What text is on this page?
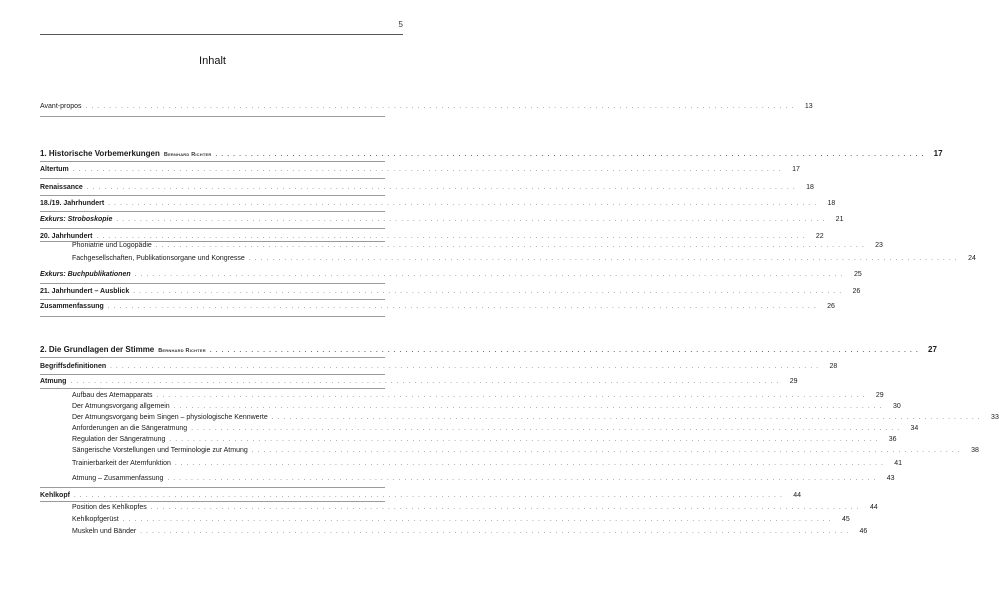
5
Inhalt
Avant-propos . . . . . . . . . . . . . . . . . . . . . . . . . . . . . . . . . . . . . . . . . . . . . . . . . . . . . . . . . . . . . . . . . . . . . . . . . . . . . . . . . . . . . . . . . . . . . . . . . . . . . . . . . . . . . . . . . . . . . . . .	13
1. Historische Vorbemerkungen Bernhard Richter . . . . . . . . . . . . . . . . . . . . . . . . . . . . . . . . . . . . . . . . . . . . . . . . . . . . . . . . . . . . . . . . . . . . . . . . . . . . . . . . . . . . . . . . . . . . . . . . . . . . . . . . . . . . . . . . . . . . . . . .	17
Altertum . . . . . . . . . . . . . . . . . . . . . . . . . . . . . . . . . . . . . . . . . . . . . . . . . . . . . . . . . . . . . . . . . . . . . . . . . . . . . . . . . . . . . . . . . . . . . . . . . . . . . . . . . . . . . . . . . . . . . . . .	17
Renaissance . . . . . . . . . . . . . . . . . . . . . . . . . . . . . . . . . . . . . . . . . . . . . . . . . . . . . . . . . . . . . . . . . . . . . . . . . . . . . . . . . . . . . . . . . . . . . . . . . . . . . . . . . . . . . . . . . . . . . . . .	18
18./19. Jahrhundert . . . . . . . . . . . . . . . . . . . . . . . . . . . . . . . . . . . . . . . . . . . . . . . . . . . . . . . . . . . . . . . . . . . . . . . . . . . . . . . . . . . . . . . . . . . . . . . . . . . . . . . . . . . . . . . . . . . . . . . .	18
Exkurs: Stroboskopie . . . . . . . . . . . . . . . . . . . . . . . . . . . . . . . . . . . . . . . . . . . . . . . . . . . . . . . . . . . . . . . . . . . . . . . . . . . . . . . . . . . . . . . . . . . . . . . . . . . . . . . . . . . . . . . . . . . . . . . .	21
20. Jahrhundert . . . . . . . . . . . . . . . . . . . . . . . . . . . . . . . . . . . . . . . . . . . . . . . . . . . . . . . . . . . . . . . . . . . . . . . . . . . . . . . . . . . . . . . . . . . . . . . . . . . . . . . . . . . . . . . . . . . . . . . .	22
Phoniatrie und Logopädie . . . . . . . . . . . . . . . . . . . . . . . . . . . . . . . . . . . . . . . . . . . . . . . . . . . . . . . . . . . . . . . . . . . . . . . . . . . . . . . . . . . . . . . . . . . . . . . . . . . . . . . . . . . . . . . . . . . . . . . .	23
Fachgesellschaften, Publikationsorgane und Kongresse . . . . . . . . . . . . . . . . . . . . . . . . . . . . . . . . . . . . . . . . . . . . . . . . . . . . . . . . . . . . . . . . . . . . . . . . . . . . . . . . . . . . . . . . . . . . . . . . . . . . . . . . . . . . . . . . . . . . . . . .	24
Exkurs: Buchpublikationen . . . . . . . . . . . . . . . . . . . . . . . . . . . . . . . . . . . . . . . . . . . . . . . . . . . . . . . . . . . . . . . . . . . . . . . . . . . . . . . . . . . . . . . . . . . . . . . . . . . . . . . . . . . . . . . . . . . . . . . .	25
21. Jahrhundert – Ausblick . . . . . . . . . . . . . . . . . . . . . . . . . . . . . . . . . . . . . . . . . . . . . . . . . . . . . . . . . . . . . . . . . . . . . . . . . . . . . . . . . . . . . . . . . . . . . . . . . . . . . . . . . . . . . . . . . . . . . . . .	26
Zusammenfassung . . . . . . . . . . . . . . . . . . . . . . . . . . . . . . . . . . . . . . . . . . . . . . . . . . . . . . . . . . . . . . . . . . . . . . . . . . . . . . . . . . . . . . . . . . . . . . . . . . . . . . . . . . . . . . . . . . . . . . . .	26
2. Die Grundlagen der Stimme Bernhard Richter . . . . . . . . . . . . . . . . . . . . . . . . . . . . . . . . . . . . . . . . . . . . . . . . . . . . . . . . . . . . . . . . . . . . . . . . . . . . . . . . . . . . . . . . . . . . . . . . . . . . . . . . . . . . . . . . . . . . . . . .	27
Begriffsdefinitionen . . . . . . . . . . . . . . . . . . . . . . . . . . . . . . . . . . . . . . . . . . . . . . . . . . . . . . . . . . . . . . . . . . . . . . . . . . . . . . . . . . . . . . . . . . . . . . . . . . . . . . . . . . . . . . . . . . . . . . . .	28
Atmung . . . . . . . . . . . . . . . . . . . . . . . . . . . . . . . . . . . . . . . . . . . . . . . . . . . . . . . . . . . . . . . . . . . . . . . . . . . . . . . . . . . . . . . . . . . . . . . . . . . . . . . . . . . . . . . . . . . . . . . .	29
Aufbau des Atemapparats . . . . . . . . . . . . . . . . . . . . . . . . . . . . . . . . . . . . . . . . . . . . . . . . . . . . . . . . . . . . . . . . . . . . . . . . . . . . . . . . . . . . . . . . . . . . . . . . . . . . . . . . . . . . . . . . . . . . . . . .	29
Der Atmungsvorgang allgemein . . . . . . . . . . . . . . . . . . . . . . . . . . . . . . . . . . . . . . . . . . . . . . . . . . . . . . . . . . . . . . . . . . . . . . . . . . . . . . . . . . . . . . . . . . . . . . . . . . . . . . . . . . . . . . . . . . . . . . . .	30
Der Atmungsvorgang beim Singen – physiologische Kennwerte . . . . . . . . . . . . . . . . . . . . . . . . . . . . . . . . . . . . . . . . . . . . . . . . . . . . . . . . . . . . . . . . . . . . . . . . . . . . . . . . . . . . . . . . . . . . . . . . . . . . . . . . . . . . . . . . . . . . . . . .	33
Anforderungen an die Sängeratmung . . . . . . . . . . . . . . . . . . . . . . . . . . . . . . . . . . . . . . . . . . . . . . . . . . . . . . . . . . . . . . . . . . . . . . . . . . . . . . . . . . . . . . . . . . . . . . . . . . . . . . . . . . . . . . . . . . . . . . . .	34
Regulation der Sängeratmung . . . . . . . . . . . . . . . . . . . . . . . . . . . . . . . . . . . . . . . . . . . . . . . . . . . . . . . . . . . . . . . . . . . . . . . . . . . . . . . . . . . . . . . . . . . . . . . . . . . . . . . . . . . . . . . . . . . . . . . .	36
Sängerische Vorstellungen und Terminologie zur Atmung . . . . . . . . . . . . . . . . . . . . . . . . . . . . . . . . . . . . . . . . . . . . . . . . . . . . . . . . . . . . . . . . . . . . . . . . . . . . . . . . . . . . . . . . . . . . . . . . . . . . . . . . . . . . . . . . . . . . . . . .	38
Trainierbarkeit der Atemfunktion . . . . . . . . . . . . . . . . . . . . . . . . . . . . . . . . . . . . . . . . . . . . . . . . . . . . . . . . . . . . . . . . . . . . . . . . . . . . . . . . . . . . . . . . . . . . . . . . . . . . . . . . . . . . . . . . . . . . . . . .	41
Atmung – Zusammenfassung . . . . . . . . . . . . . . . . . . . . . . . . . . . . . . . . . . . . . . . . . . . . . . . . . . . . . . . . . . . . . . . . . . . . . . . . . . . . . . . . . . . . . . . . . . . . . . . . . . . . . . . . . . . . . . . . . . . . . . . .	43
Kehlkopf . . . . . . . . . . . . . . . . . . . . . . . . . . . . . . . . . . . . . . . . . . . . . . . . . . . . . . . . . . . . . . . . . . . . . . . . . . . . . . . . . . . . . . . . . . . . . . . . . . . . . . . . . . . . . . . . . . . . . . . .	44
Position des Kehlkopfes . . . . . . . . . . . . . . . . . . . . . . . . . . . . . . . . . . . . . . . . . . . . . . . . . . . . . . . . . . . . . . . . . . . . . . . . . . . . . . . . . . . . . . . . . . . . . . . . . . . . . . . . . . . . . . . . . . . . . . . .	44
Kehlkopfgerüst . . . . . . . . . . . . . . . . . . . . . . . . . . . . . . . . . . . . . . . . . . . . . . . . . . . . . . . . . . . . . . . . . . . . . . . . . . . . . . . . . . . . . . . . . . . . . . . . . . . . . . . . . . . . . . . . . . . . . . . .	45
Muskeln und Bänder . . . . . . . . . . . . . . . . . . . . . . . . . . . . . . . . . . . . . . . . . . . . . . . . . . . . . . . . . . . . . . . . . . . . . . . . . . . . . . . . . . . . . . . . . . . . . . . . . . . . . . . . . . . . . . . . . . . . . . . .	46
